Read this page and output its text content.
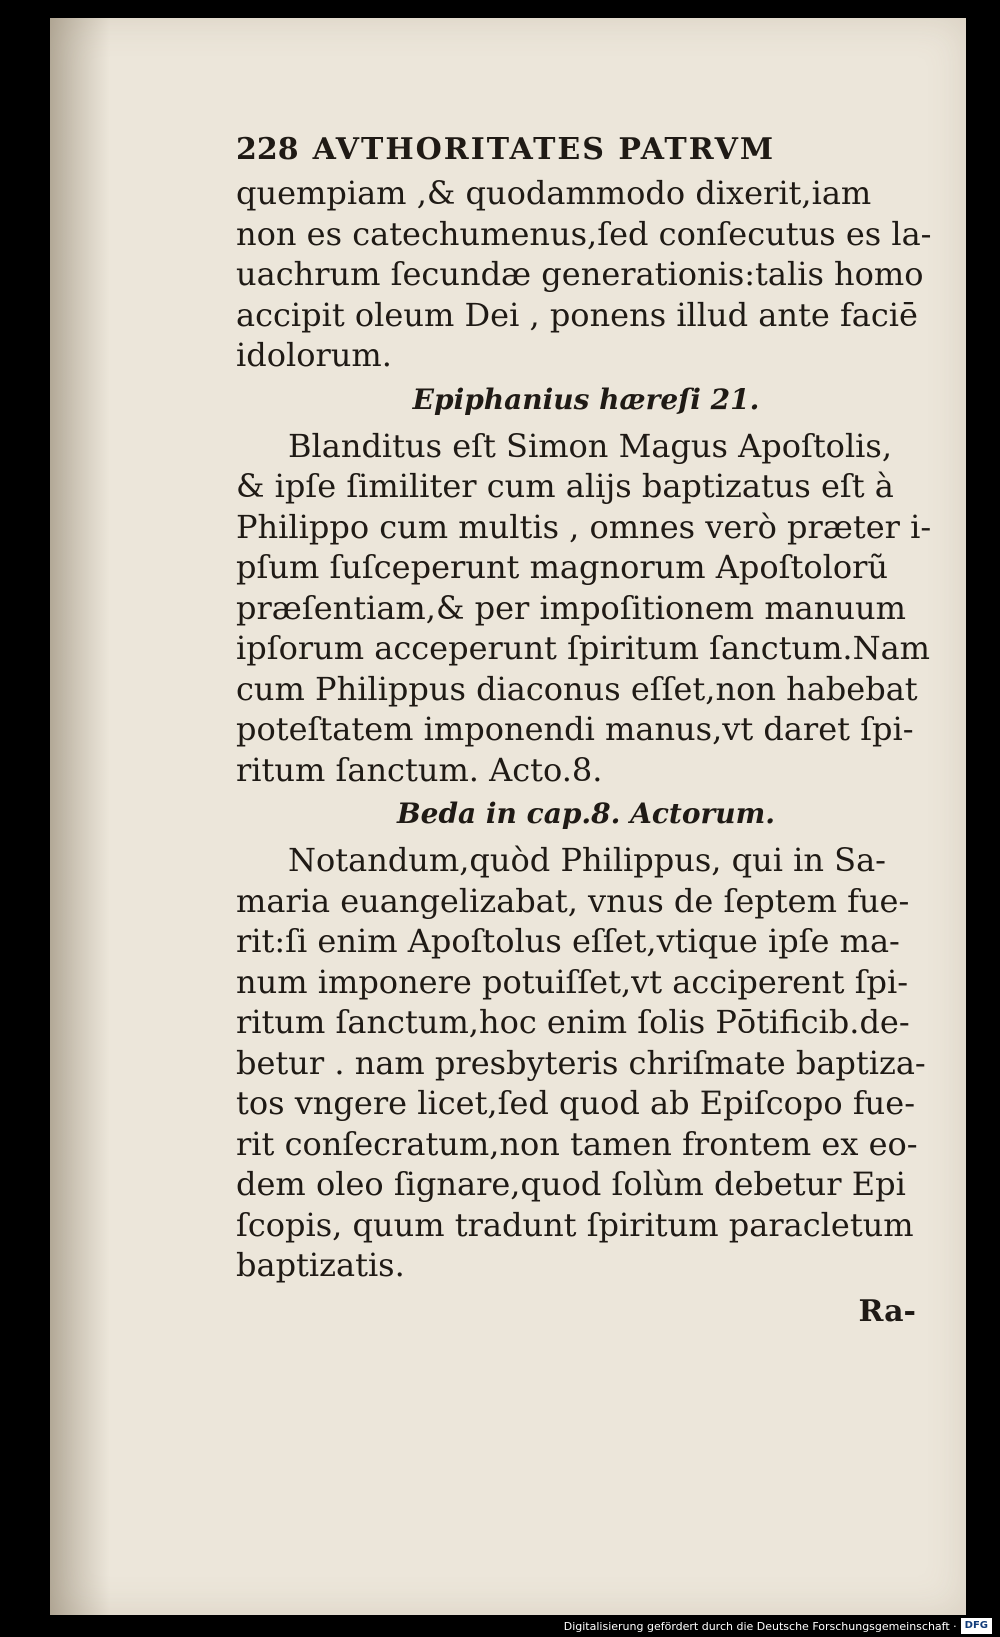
228 AVTHORITATES PATRVM
quempiam ,& quodammodo dixerit,iam
non es catechumenus,ſed conſecutus es la-
uachrum ſecundæ generationis:talis homo
accipit oleum Dei , ponens illud ante faciē
idolorum.
Epiphanius hæreſi 21.
Blanditus eſt Simon Magus Apoſtolis,
& ipſe ſimiliter cum alijs baptizatus eſt à
Philippo cum multis , omnes verò præter i-
pſum ſuſceperunt magnorum Apoſtolorũ
præſentiam,& per impoſitionem manuum
ipſorum acceperunt ſpiritum ſanctum.Nam
cum Philippus diaconus eſſet,non habebat
poteſtatem imponendi manus,vt daret ſpi-
ritum ſanctum. Acto.8.
Beda in cap.8. Actorum.
Notandum,quòd Philippus, qui in Sa-
maria euangelizabat, vnus de ſeptem fue-
rit:ſi enim Apoſtolus eſſet,vtique ipſe ma-
num imponere potuiſſet,vt acciperent ſpi-
ritum ſanctum,hoc enim ſolis Pōtificib.de-
betur . nam presbyteris chriſmate baptiza-
tos vngere licet,ſed quod ab Epiſcopo fue-
rit conſecratum,non tamen frontem ex eo-
dem oleo ſignare,quod ſolùm debetur Epi
ſcopis, quum tradunt ſpiritum paracletum
baptizatis.
Ra-
Digitalisierung gefördert durch die Deutsche Forschungsgemeinschaft · DFG
